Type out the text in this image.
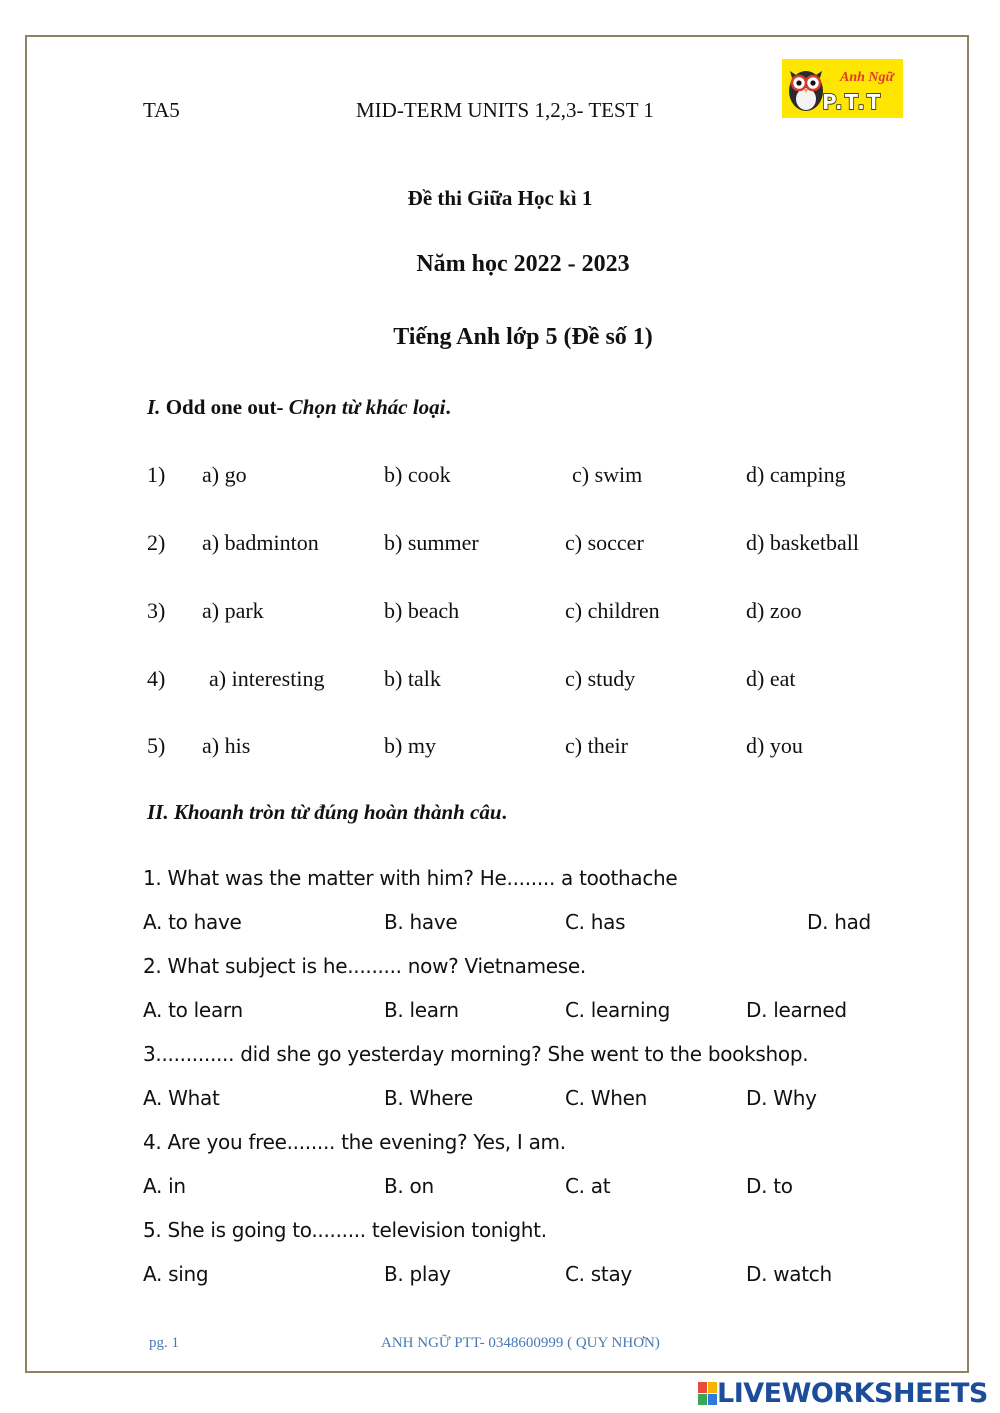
TA5	MID-TERM UNITS 1,2,3- TEST 1
Anh Ngữ
P.T.T
Đề thi Giữa Học kì 1
Năm học 2022 - 2023
Tiếng Anh lớp 5 (Đề số 1)
I. Odd one out- Chọn từ khác loại.
1) a) go	b) cook	c) swim	d) camping
2) a) badminton	b) summer	c) soccer	d) basketball
3) a) park	b) beach	c) children	d) zoo
4) a) interesting	b) talk	c) study	d) eat
5) a) his	b) my	c) their	d) you
II. Khoanh tròn từ đúng hoàn thành câu.
1. What was the matter with him? He........ a toothache
A. to have	B. have	C. has	D. had
2. What subject is he......... now? Vietnamese.
A. to learn	B. learn	C. learning	D. learned
3............. did she go yesterday morning? She went to the bookshop.
A. What	B. Where	C. When	D. Why
4. Are you free........ the evening? Yes, I am.
A. in	B. on	C. at	D. to
5. She is going to......... television tonight.
A. sing	B. play	C. stay	D. watch
pg. 1	ANH NGỮ PTT- 0348600999 ( QUY NHƠN)
LIVEWORKSHEETS
